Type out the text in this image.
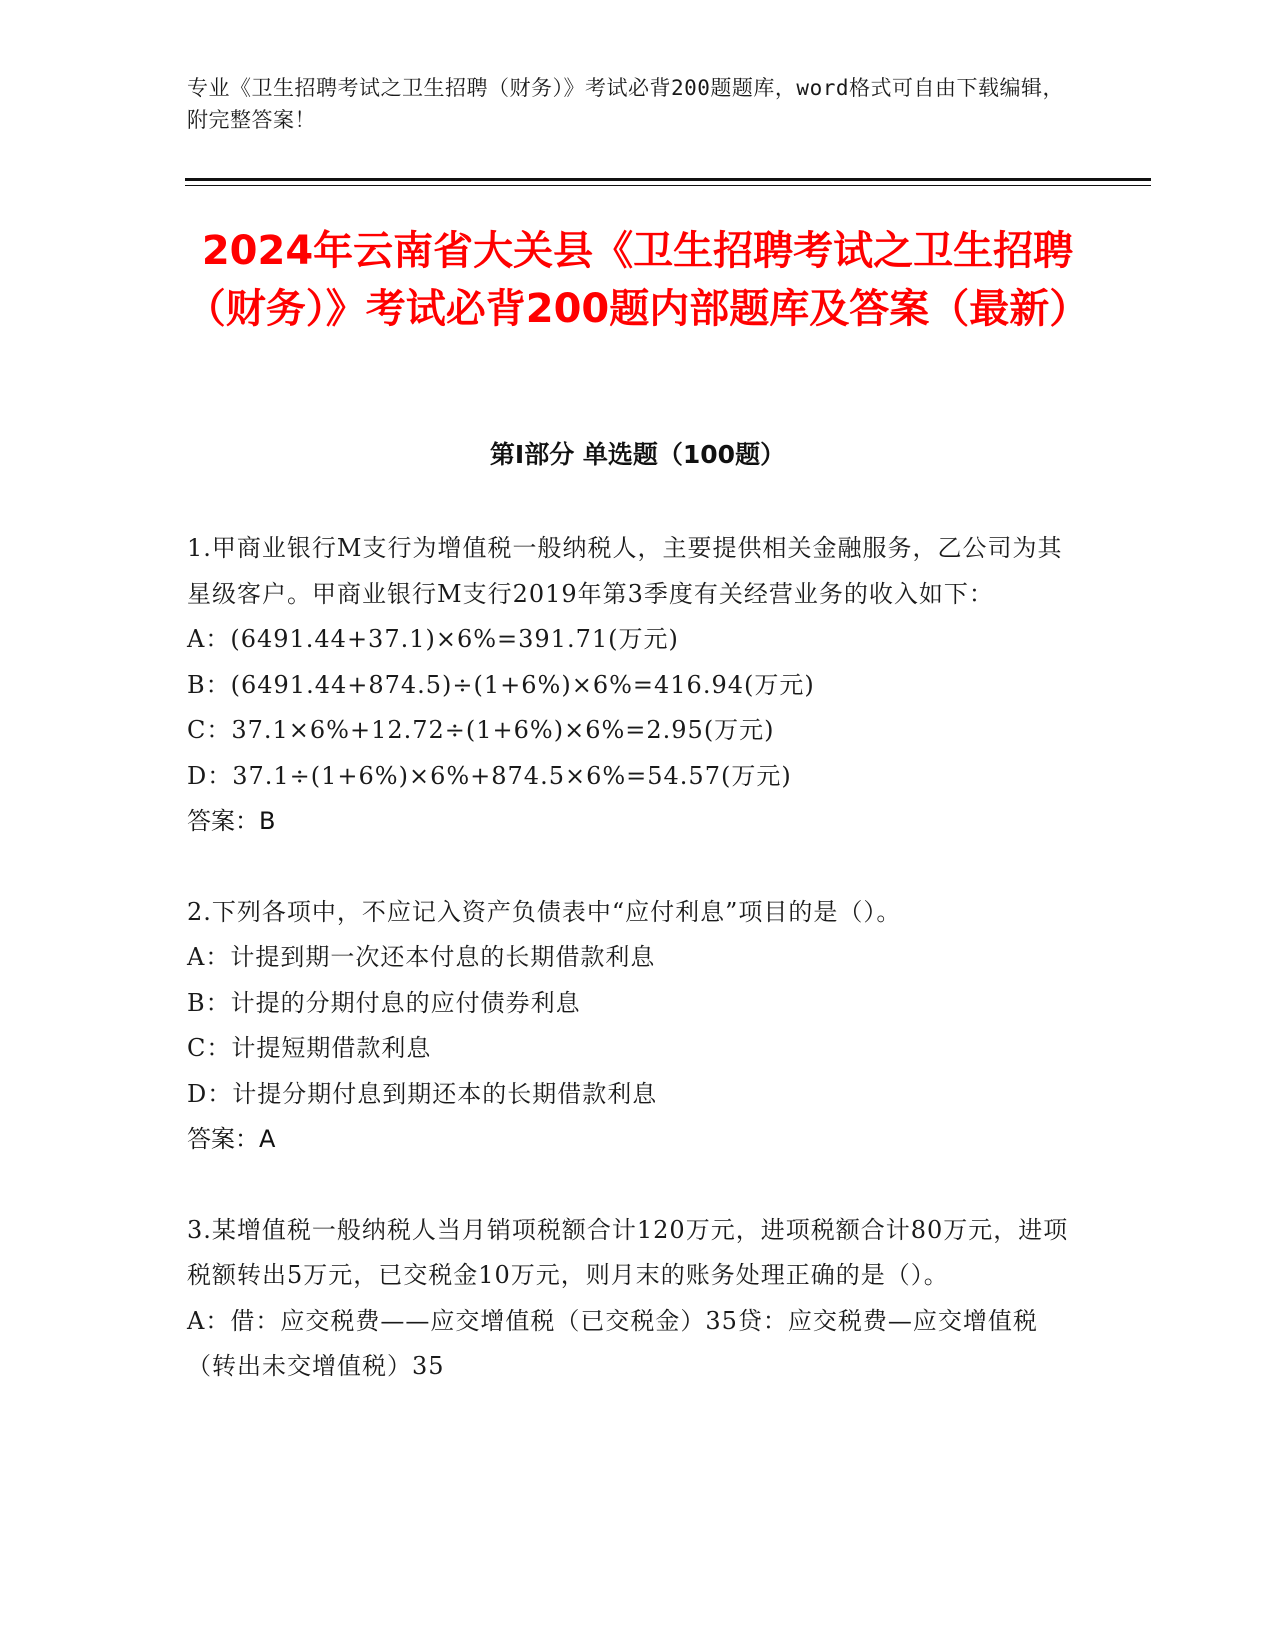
专业《卫生招聘考试之卫生招聘（财务）》考试必背200题题库，word格式可自由下载编辑，附完整答案！
2024年云南省大关县《卫生招聘考试之卫生招聘（财务）》考试必背200题内部题库及答案（最新）
第Ⅰ部分 单选题（100题）
1.甲商业银行M支行为增值税一般纳税人，主要提供相关金融服务，乙公司为其星级客户。甲商业银行M支行2019年第3季度有关经营业务的收入如下：
A：(6491.44+37.1)×6%=391.71(万元)
B：(6491.44+874.5)÷(1+6%)×6%=416.94(万元)
C：37.1×6%+12.72÷(1+6%)×6%=2.95(万元)
D：37.1÷(1+6%)×6%+874.5×6%=54.57(万元)
答案：B
2.下列各项中，不应记入资产负债表中“应付利息”项目的是（）。
A：计提到期一次还本付息的长期借款利息
B：计提的分期付息的应付债券利息
C：计提短期借款利息
D：计提分期付息到期还本的长期借款利息
答案：A
3.某增值税一般纳税人当月销项税额合计120万元，进项税额合计80万元，进项税额转出5万元，已交税金10万元，则月末的账务处理正确的是（）。
A：借：应交税费——应交增值税（已交税金）35贷：应交税费—应交增值税（转出未交增值税）35
